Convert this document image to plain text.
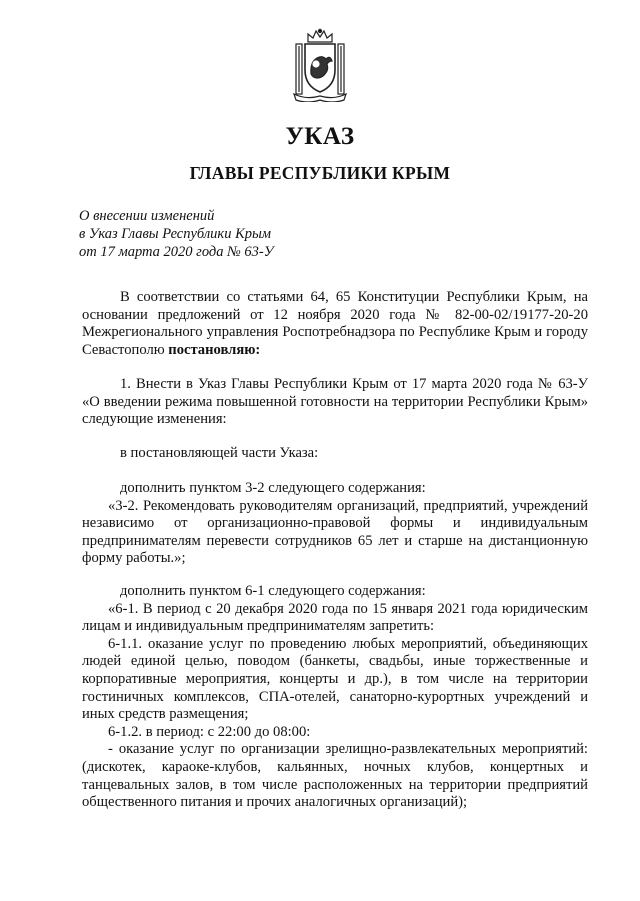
УКАЗ
ГЛАВЫ РЕСПУБЛИКИ КРЫМ
О внесении изменений
в Указ Главы Республики Крым
от 17 марта 2020 года № 63-У

В соответствии со статьями 64, 65 Конституции Республики Крым, на основании предложений от 12 ноября 2020 года № 82-00-02/19177-20-20 Межрегионального управления Роспотребнадзора по Республике Крым и городу Севастополю постановляю:

1. Внести в Указ Главы Республики Крым от 17 марта 2020 года № 63-У «О введении режима повышенной готовности на территории Республики Крым» следующие изменения:

в постановляющей части Указа:

дополнить пунктом 3-2 следующего содержания:

«3-2. Рекомендовать руководителям организаций, предприятий, учреждений независимо от организационно-правовой формы и индивидуальным предпринимателям перевести сотрудников 65 лет и старше на дистанционную форму работы.»;

дополнить пунктом 6-1 следующего содержания:

«6-1. В период с 20 декабря 2020 года по 15 января 2021 года юридическим лицам и индивидуальным предпринимателям запретить:

6-1.1. оказание услуг по проведению любых мероприятий, объединяющих людей единой целью, поводом (банкеты, свадьбы, иные торжественные и корпоративные мероприятия, концерты и др.), в том числе на территории гостиничных комплексов, СПА-отелей, санаторно-курортных учреждений и иных средств размещения;

6-1.2. в период: с 22:00 до 08:00:

- оказание услуг по организации зрелищно-развлекательных мероприятий: (дискотек, караоке-клубов, кальянных, ночных клубов, концертных и танцевальных залов, в том числе расположенных на территории предприятий общественного питания и прочих аналогичных организаций);
